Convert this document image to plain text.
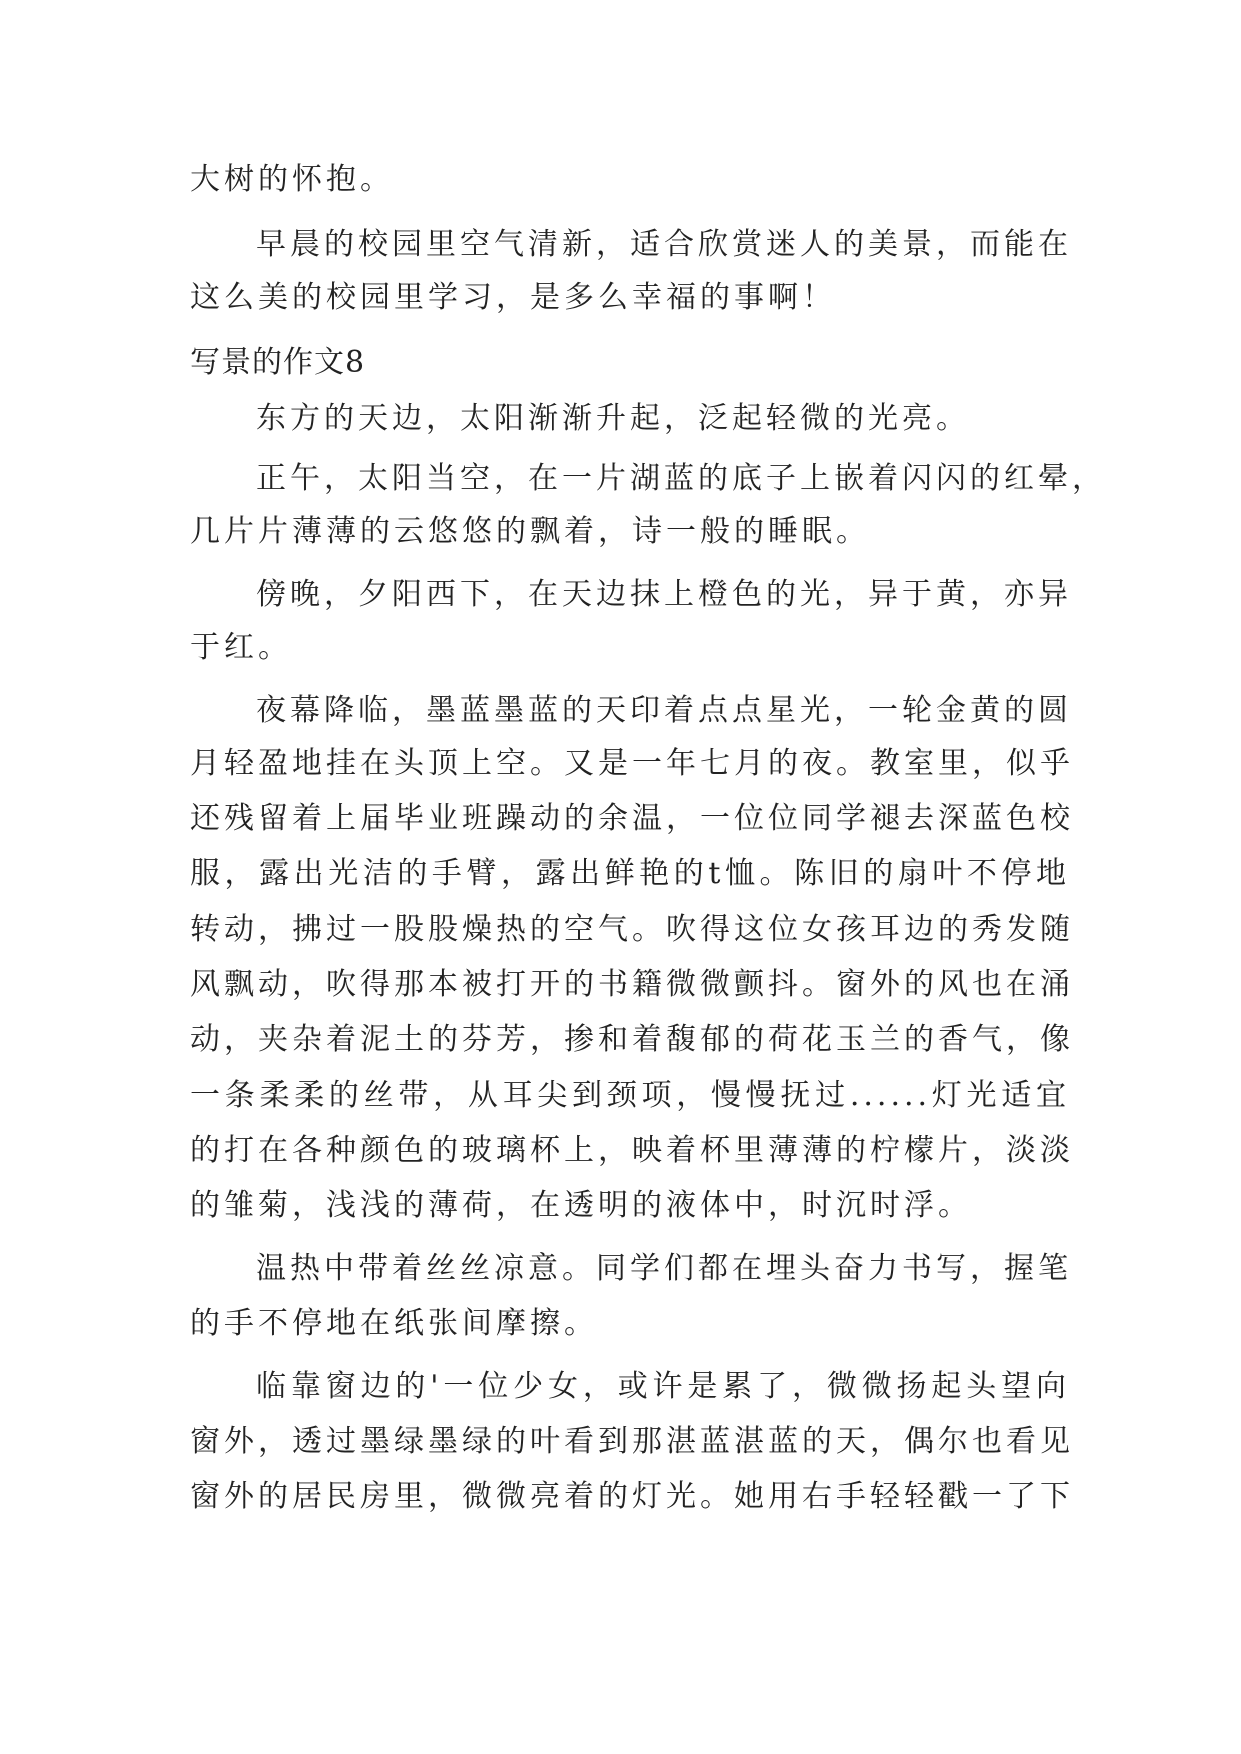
大树的怀抱。
早晨的校园里空气清新，适合欣赏迷人的美景，而能在
这么美的校园里学习，是多么幸福的事啊！
写景的作文8
东方的天边，太阳渐渐升起，泛起轻微的光亮。
正午，太阳当空，在一片湖蓝的底子上嵌着闪闪的红晕，
几片片薄薄的云悠悠的飘着，诗一般的睡眠。
傍晚，夕阳西下，在天边抹上橙色的光，异于黄，亦异
于红。
夜幕降临，墨蓝墨蓝的天印着点点星光，一轮金黄的圆
月轻盈地挂在头顶上空。又是一年七月的夜。教室里，似乎
还残留着上届毕业班躁动的余温，一位位同学褪去深蓝色校
服，露出光洁的手臂，露出鲜艳的t恤。陈旧的扇叶不停地
转动，拂过一股股燥热的空气。吹得这位女孩耳边的秀发随
风飘动，吹得那本被打开的书籍微微颤抖。窗外的风也在涌
动，夹杂着泥土的芬芳，掺和着馥郁的荷花玉兰的香气，像
一条柔柔的丝带，从耳尖到颈项，慢慢抚过......灯光适宜
的打在各种颜色的玻璃杯上，映着杯里薄薄的柠檬片，淡淡
的雏菊，浅浅的薄荷，在透明的液体中，时沉时浮。
温热中带着丝丝凉意。同学们都在埋头奋力书写，握笔
的手不停地在纸张间摩擦。
临靠窗边的'一位少女，或许是累了，微微扬起头望向
窗外，透过墨绿墨绿的叶看到那湛蓝湛蓝的天，偶尔也看见
窗外的居民房里，微微亮着的灯光。她用右手轻轻戳一了下
